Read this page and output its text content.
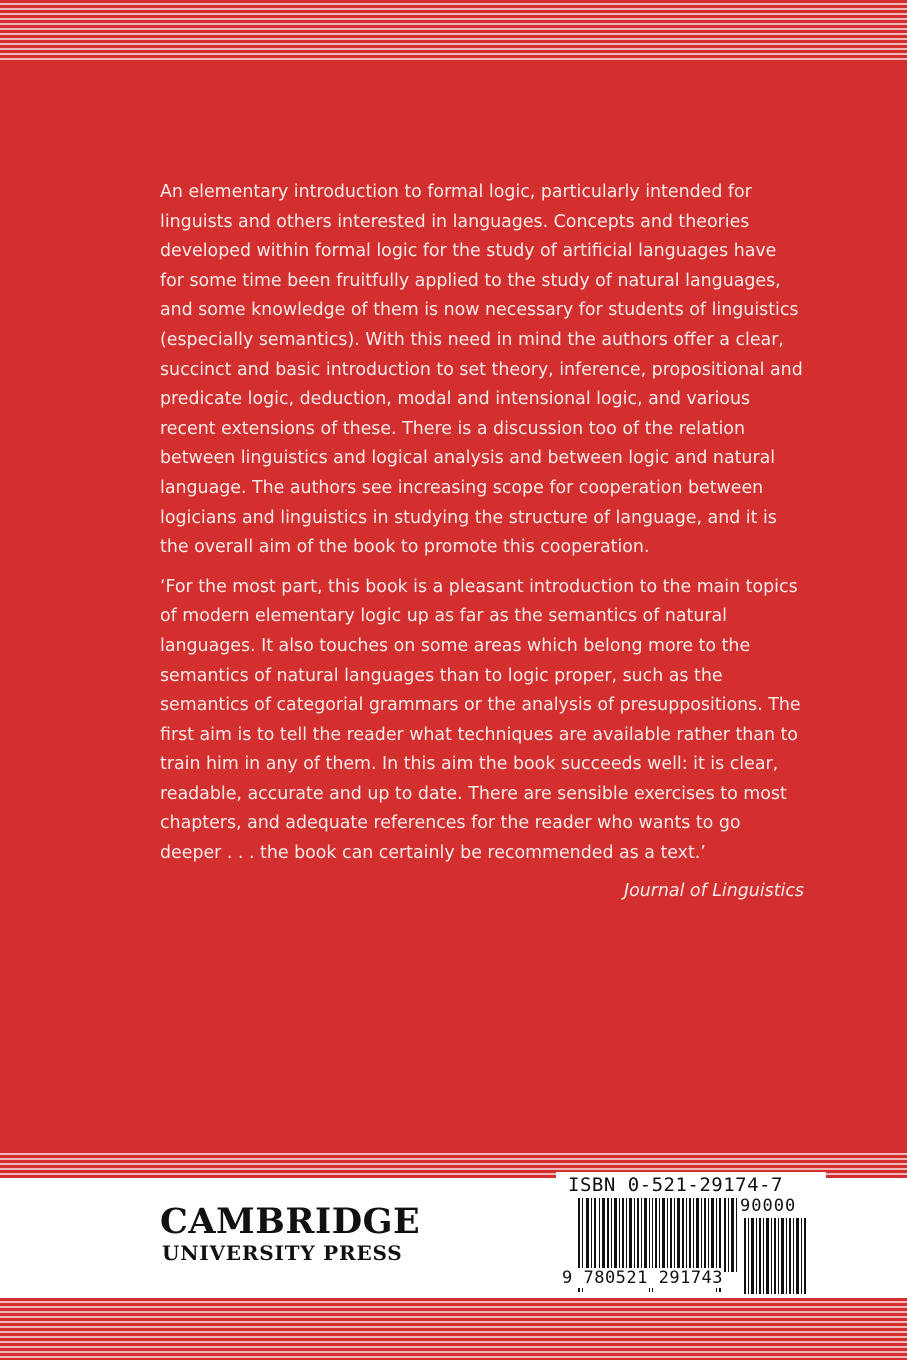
An elementary introduction to formal logic, particularly intended for linguists and others interested in languages. Concepts and theories developed within formal logic for the study of artificial languages have for some time been fruitfully applied to the study of natural languages, and some knowledge of them is now necessary for students of linguistics (especially semantics). With this need in mind the authors offer a clear, succinct and basic introduction to set theory, inference, propositional and predicate logic, deduction, modal and intensional logic, and various recent extensions of these. There is a discussion too of the relation between linguistics and logical analysis and between logic and natural language. The authors see increasing scope for cooperation between logicians and linguistics in studying the structure of language, and it is the overall aim of the book to promote this cooperation.

‘For the most part, this book is a pleasant introduction to the main topics of modern elementary logic up as far as the semantics of natural languages. It also touches on some areas which belong more to the semantics of natural languages than to logic proper, such as the semantics of categorial grammars or the analysis of presuppositions. The first aim is to tell the reader what techniques are available rather than to train him in any of them. In this aim the book succeeds well: it is clear, readable, accurate and up to date. There are sensible exercises to most chapters, and adequate references for the reader who wants to go deeper . . . the book can certainly be recommended as a text.’

Journal of Linguistics
CAMBRIDGE
UNIVERSITY PRESS
ISBN 0-521-29174-7
90000
9 780521 291743
